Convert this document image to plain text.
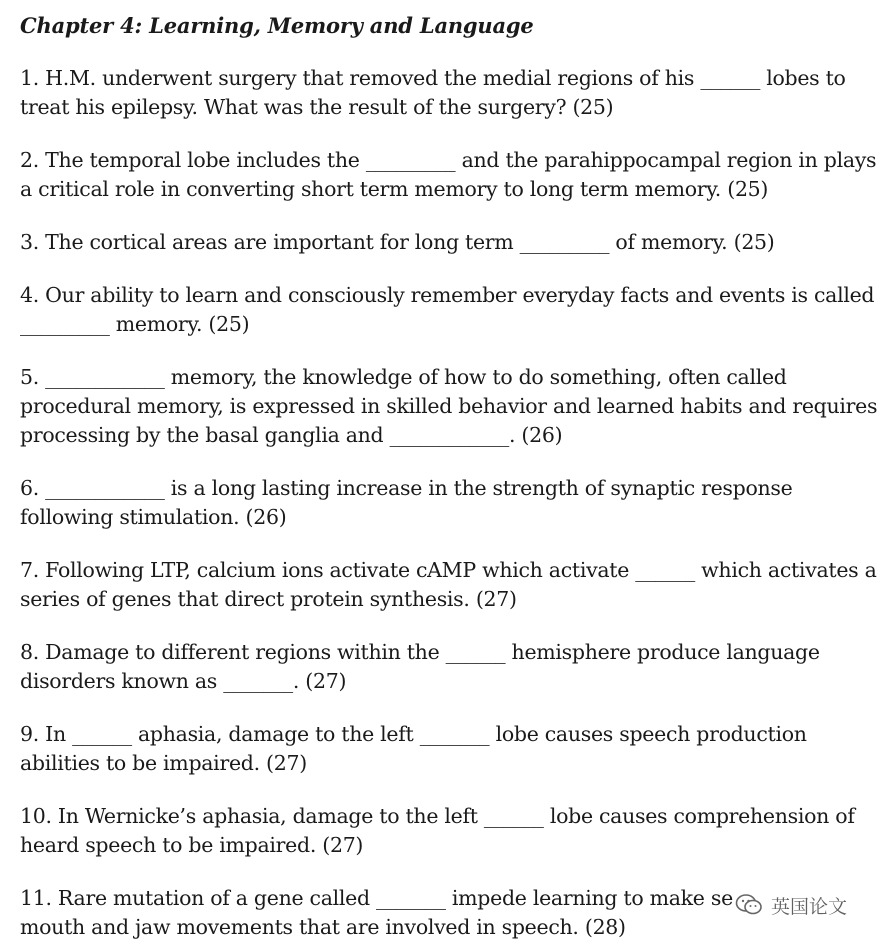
Chapter 4: Learning, Memory and Language
1. H.M. underwent surgery that removed the medial regions of his ______ lobes to treat his epilepsy. What was the result of the surgery? (25)
2. The temporal lobe includes the _________ and the parahippocampal region in plays a critical role in converting short term memory to long term memory. (25)
3. The cortical areas are important for long term _________ of memory. (25)
4. Our ability to learn and consciously remember everyday facts and events is called _________ memory. (25)
5. ____________ memory, the knowledge of how to do something, often called procedural memory, is expressed in skilled behavior and learned habits and requires processing by the basal ganglia and ____________. (26)
6. ____________ is a long lasting increase in the strength of synaptic response following stimulation. (26)
7. Following LTP, calcium ions activate cAMP which activate ______ which activates a series of genes that direct protein synthesis. (27)
8. Damage to different regions within the ______ hemisphere produce language disorders known as _______. (27)
9. In ______ aphasia, damage to the left _______ lobe causes speech production abilities to be impaired. (27)
10. In Wernicke’s aphasia, damage to the left ______ lobe causes comprehension of heard speech to be impaired. (27)
11. Rare mutation of a gene called _______ impede learning to make se
mouth and jaw movements that are involved in speech. (28)
英国论文
